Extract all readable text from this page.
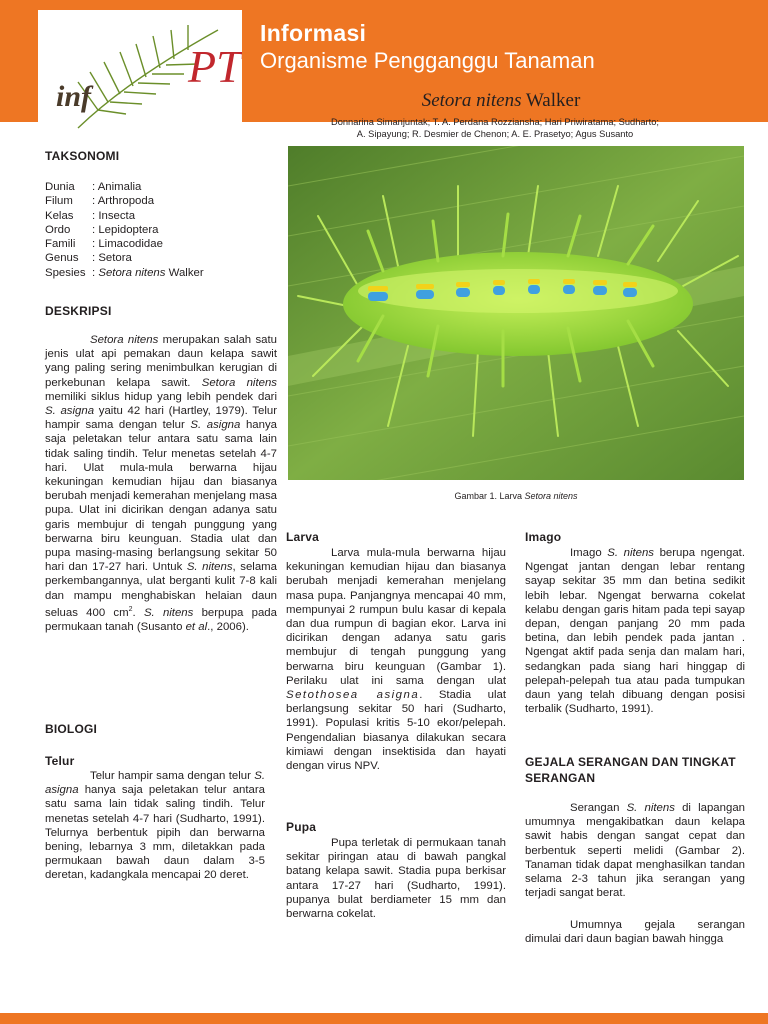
PT
inf
Informasi
Organisme Pengganggu Tanaman
Setora nitens Walker
Donnarina Simanjuntak; T. A. Perdana Rozziansha; Hari Priwiratama; Sudharto;
A. Sipayung; R. Desmier de Chenon; A. E. Prasetyo; Agus Susanto
Gambar 1. Larva Setora nitens
TAKSONOMI
Dunia	: Animalia
Filum	: Arthropoda
Kelas	: Insecta
Ordo	: Lepidoptera
Famili	: Limacodidae
Genus	: Setora
Spesies : Setora nitens Walker
DESKRIPSI
Setora nitens merupakan salah satu jenis ulat api pemakan daun kelapa sawit yang paling sering menimbulkan kerugian di perkebunan kelapa sawit. Setora nitens memiliki siklus hidup yang lebih pendek dari S. asigna yaitu 42 hari (Hartley, 1979). Telur hampir sama dengan telur S. asigna hanya saja peletakan telur antara satu sama lain tidak saling tindih. Telur menetas setelah 4-7 hari. Ulat mula-mula berwarna hijau kekuningan kemudian hijau dan biasanya berubah menjadi kemerahan menjelang masa pupa. Ulat ini dicirikan dengan adanya satu garis membujur di tengah punggung yang berwarna biru keunguan. Stadia ulat dan pupa masing-masing berlangsung sekitar 50 hari dan 17-27 hari. Untuk S. nitens, selama perkembangannya, ulat berganti kulit 7-8 kali dan mampu menghabiskan helaian daun seluas 400 $cm^2$. S. nitens berpupa pada permukaan tanah (Susanto et al., 2006).
BIOLOGI
Telur
Telur hampir sama dengan telur S. asigna hanya saja peletakan telur antara satu sama lain tidak saling tindih. Telur menetas setelah 4-7 hari (Sudharto, 1991). Telurnya berbentuk pipih dan berwarna bening, lebarnya 3 mm, diletakkan pada permukaan bawah daun dalam 3-5 deretan, kadangkala mencapai 20 deret.
Larva
Larva mula-mula berwarna hijau kekuningan kemudian hijau dan biasanya berubah menjadi kemerahan menjelang masa pupa. Panjangnya mencapai 40 mm, mempunyai 2 rumpun bulu kasar di kepala dan dua rumpun di bagian ekor. Larva ini dicirikan dengan adanya satu garis membujur di tengah punggung yang berwarna biru keunguan (Gambar 1). Perilaku ulat ini sama dengan ulat Setothosea asigna. Stadia ulat berlangsung sekitar 50 hari (Sudharto, 1991). Populasi kritis 5-10 ekor/pelepah. Pengendalian biasanya dilakukan secara kimiawi dengan insektisida dan hayati dengan virus NPV.
Pupa
Pupa terletak di permukaan tanah sekitar piringan atau di bawah pangkal batang kelapa sawit. Stadia pupa berkisar antara 17-27 hari (Sudharto, 1991). pupanya bulat berdiameter 15 mm dan berwarna cokelat.
Imago
Imago S. nitens berupa ngengat. Ngengat jantan dengan lebar rentang sayap sekitar 35 mm dan betina sedikit lebih lebar. Ngengat berwarna cokelat kelabu dengan garis hitam pada tepi sayap depan, dengan panjang 20 mm pada betina, dan lebih pendek pada jantan . Ngengat aktif pada senja dan malam hari, sedangkan pada siang hari hinggap di pelepah-pelepah tua atau pada tumpukan daun yang telah dibuang dengan posisi terbalik (Sudharto, 1991).
GEJALA SERANGAN DAN TINGKAT SERANGAN
Serangan S. nitens di lapangan umumnya mengakibatkan daun kelapa sawit habis dengan sangat cepat dan berbentuk seperti melidi (Gambar 2). Tanaman tidak dapat menghasilkan tandan selama 2-3 tahun jika serangan yang terjadi sangat berat.
Umumnya gejala serangan dimulai dari daun bagian bawah hingga
